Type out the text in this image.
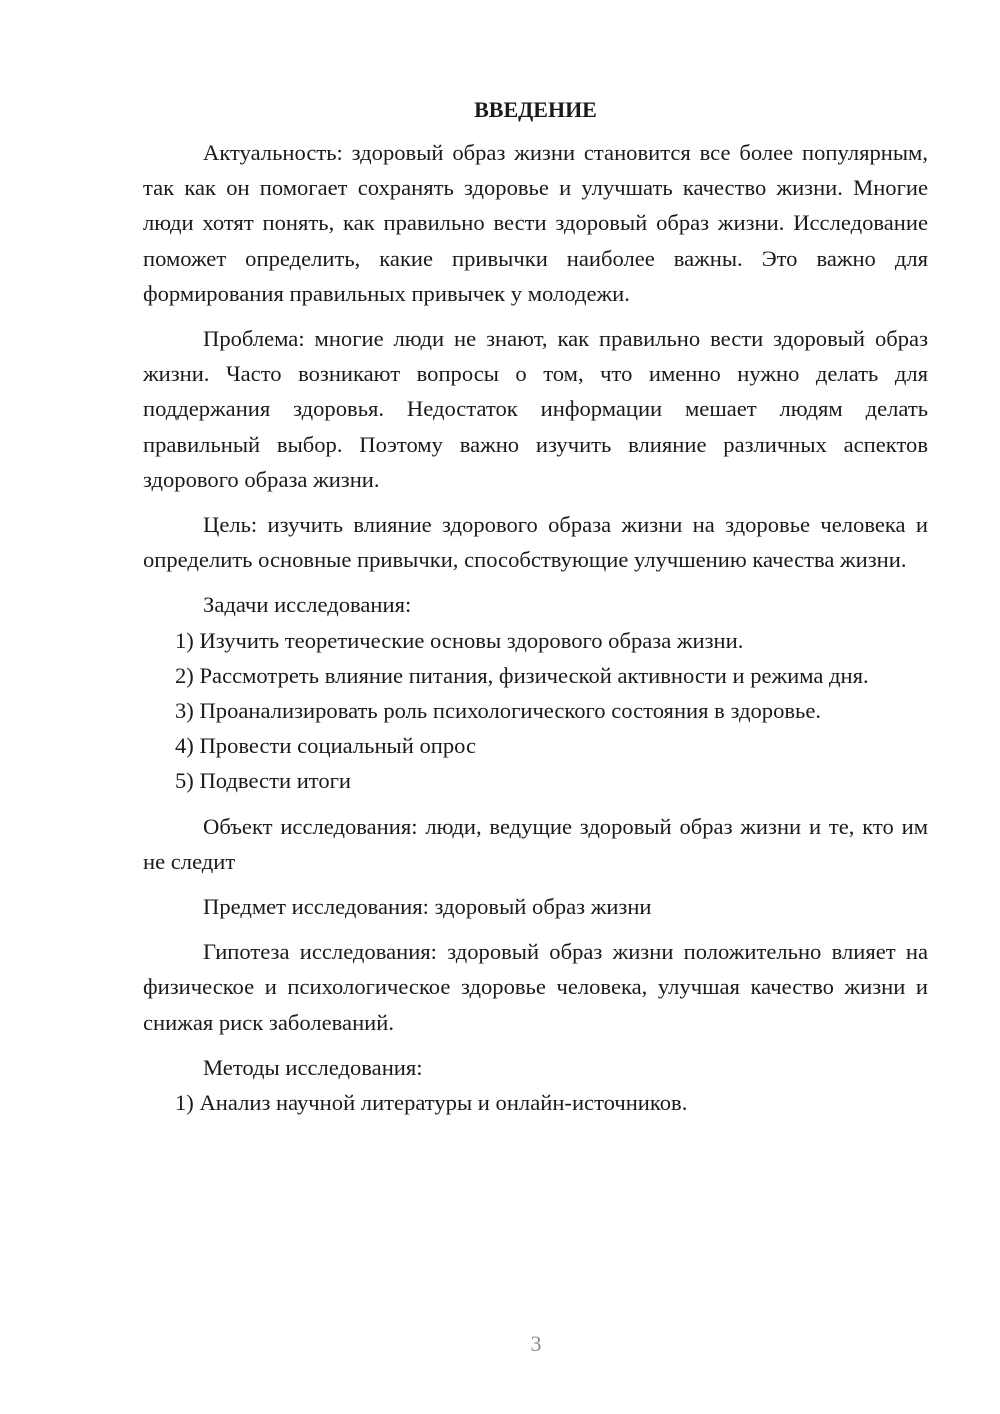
ВВЕДЕНИЕ

Актуальность: здоровый образ жизни становится все более популярным, так как он помогает сохранять здоровье и улучшать качество жизни. Многие люди хотят понять, как правильно вести здоровый образ жизни. Исследование поможет определить, какие привычки наиболее важны. Это важно для формирования правильных привычек у молодежи.

Проблема: многие люди не знают, как правильно вести здоровый образ жизни. Часто возникают вопросы о том, что именно нужно делать для поддержания здоровья. Недостаток информации мешает людям делать правильный выбор. Поэтому важно изучить влияние различных аспектов здорового образа жизни.

Цель: изучить влияние здорового образа жизни на здоровье человека и определить основные привычки, способствующие улучшению качества жизни.

Задачи исследования:

1) Изучить теоретические основы здорового образа жизни.

2) Рассмотреть влияние питания, физической активности и режима дня.

3) Проанализировать роль психологического состояния в здоровье.

4) Провести социальный опрос

5) Подвести итоги

Объект исследования: люди, ведущие здоровый образ жизни и те, кто им не следит

Предмет исследования: здоровый образ жизни

Гипотеза исследования: здоровый образ жизни положительно влияет на физическое и психологическое здоровье человека, улучшая качество жизни и снижая риск заболеваний.

Методы исследования:

1) Анализ научной литературы и онлайн-источников.

3
